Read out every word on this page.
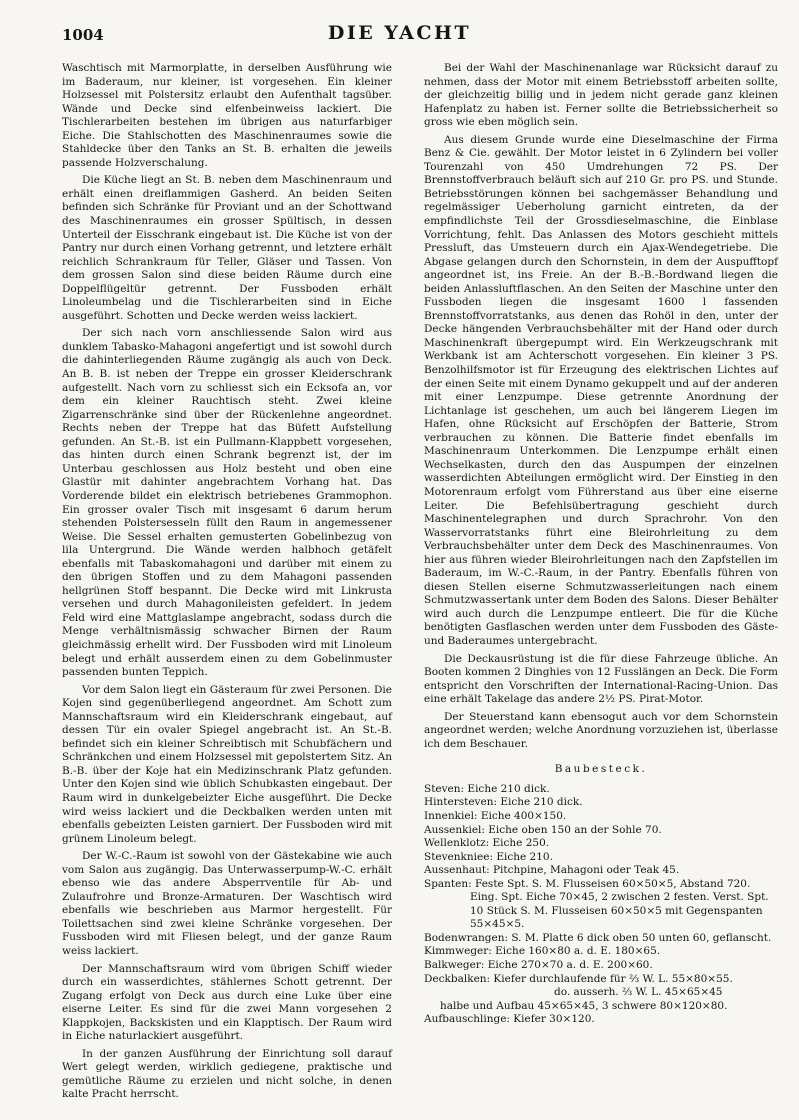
1004	DIE YACHT

Waschtisch mit Marmorplatte, in derselben Ausführung wie im Baderaum, nur kleiner, ist vorgesehen. Ein kleiner Holzsessel mit Polstersitz erlaubt den Aufenthalt tagsüber. Wände und Decke sind elfenbeinweiss lackiert. Die Tischlerarbeiten bestehen im übrigen aus naturfarbiger Eiche. Die Stahlschotten des Maschinenraumes sowie die Stahldecke über den Tanks an St. B. erhalten die jeweils passende Holzverschalung.

Die Küche liegt an St. B. neben dem Maschinenraum und erhält einen dreiflammigen Gasherd. An beiden Seiten befinden sich Schränke für Proviant und an der Schottwand des Maschinenraumes ein grosser Spültisch, in dessen Unterteil der Eisschrank eingebaut ist. Die Küche ist von der Pantry nur durch einen Vorhang getrennt, und letztere erhält reichlich Schrankraum für Teller, Gläser und Tassen. Von dem grossen Salon sind diese beiden Räume durch eine Doppelflügeltür getrennt. Der Fussboden erhält Linoleumbelag und die Tischlerarbeiten sind in Eiche ausgeführt. Schotten und Decke werden weiss lackiert.

Der sich nach vorn anschliessende Salon wird aus dunklem Tabasko-Mahagoni angefertigt und ist sowohl durch die dahinterliegenden Räume zugängig als auch von Deck. An B. B. ist neben der Treppe ein grosser Kleiderschrank aufgestellt. Nach vorn zu schliesst sich ein Ecksofa an, vor dem ein kleiner Rauchtisch steht. Zwei kleine Zigarrenschränke sind über der Rückenlehne angeordnet. Rechts neben der Treppe hat das Büfett Aufstellung gefunden. An St.-B. ist ein Pullmann-Klappbett vorgesehen, das hinten durch einen Schrank begrenzt ist, der im Unterbau geschlossen aus Holz besteht und oben eine Glastür mit dahinter angebrachtem Vorhang hat. Das Vorderende bildet ein elektrisch betriebenes Grammophon. Ein grosser ovaler Tisch mit insgesamt 6 darum herum stehenden Polstersesseln füllt den Raum in angemessener Weise. Die Sessel erhalten gemusterten Gobelinbezug von lila Untergrund. Die Wände werden halbhoch getäfelt ebenfalls mit Tabaskomahagoni und darüber mit einem zu den übrigen Stoffen und zu dem Mahagoni passenden hellgrünen Stoff bespannt. Die Decke wird mit Linkrusta versehen und durch Mahagonileisten gefeldert. In jedem Feld wird eine Mattglaslampe angebracht, sodass durch die Menge verhältnismässig schwacher Birnen der Raum gleichmässig erhellt wird. Der Fussboden wird mit Linoleum belegt und erhält ausserdem einen zu dem Gobelinmuster passenden bunten Teppich.

Vor dem Salon liegt ein Gästeraum für zwei Personen. Die Kojen sind gegenüberliegend angeordnet. Am Schott zum Mannschaftsraum wird ein Kleiderschrank eingebaut, auf dessen Tür ein ovaler Spiegel angebracht ist. An St.-B. befindet sich ein kleiner Schreibtisch mit Schubfächern und Schränkchen und einem Holzsessel mit gepolstertem Sitz. An B.-B. über der Koje hat ein Medizinschrank Platz gefunden. Unter den Kojen sind wie üblich Schubkasten eingebaut. Der Raum wird in dunkelgebeizter Eiche ausgeführt. Die Decke wird weiss lackiert und die Deckbalken werden unten mit ebenfalls gebeizten Leisten garniert. Der Fussboden wird mit grünem Linoleum belegt.

Der W.-C.-Raum ist sowohl von der Gästekabine wie auch vom Salon aus zugängig. Das Unterwasserpump-W.-C. erhält ebenso wie das andere Absperrventile für Ab- und Zulaufrohre und Bronze-Armaturen. Der Waschtisch wird ebenfalls wie beschrieben aus Marmor hergestellt. Für Toilettsachen sind zwei kleine Schränke vorgesehen. Der Fussboden wird mit Fliesen belegt, und der ganze Raum weiss lackiert.

Der Mannschaftsraum wird vom übrigen Schiff wieder durch ein wasserdichtes, stählernes Schott getrennt. Der Zugang erfolgt von Deck aus durch eine Luke über eine eiserne Leiter. Es sind für die zwei Mann vorgesehen 2 Klappkojen, Backskisten und ein Klapptisch. Der Raum wird in Eiche naturlackiert ausgeführt.

In der ganzen Ausführung der Einrichtung soll darauf Wert gelegt werden, wirklich gediegene, praktische und gemütliche Räume zu erzielen und nicht solche, in denen kalte Pracht herrscht.

Bei der Wahl der Maschinenanlage war Rücksicht darauf zu nehmen, dass der Motor mit einem Betriebsstoff arbeiten sollte, der gleichzeitig billig und in jedem nicht gerade ganz kleinen Hafenplatz zu haben ist. Ferner sollte die Betriebssicherheit so gross wie eben möglich sein.

Aus diesem Grunde wurde eine Dieselmaschine der Firma Benz & Cie. gewählt. Der Motor leistet in 6 Zylindern bei voller Tourenzahl von 450 Umdrehungen 72 PS. Der Brennstoffverbrauch beläuft sich auf 210 Gr. pro PS. und Stunde. Betriebsstörungen können bei sachgemässer Behandlung und regelmässiger Ueberholung garnicht eintreten, da der empfindlichste Teil der Grossdieselmaschine, die Einblase Vorrichtung, fehlt. Das Anlassen des Motors geschieht mittels Pressluft, das Umsteuern durch ein Ajax-Wendegetriebe. Die Abgase gelangen durch den Schornstein, in dem der Auspufftopf angeordnet ist, ins Freie. An der B.-B.-Bordwand liegen die beiden Anlassluftflaschen. An den Seiten der Maschine unter den Fussboden liegen die insgesamt 1600 l fassenden Brennstoffvorratstanks, aus denen das Rohöl in den, unter der Decke hängenden Verbrauchsbehälter mit der Hand oder durch Maschinenkraft übergepumpt wird. Ein Werkzeugschrank mit Werkbank ist am Achterschott vorgesehen. Ein kleiner 3 PS. Benzolhilfsmotor ist für Erzeugung des elektrischen Lichtes auf der einen Seite mit einem Dynamo gekuppelt und auf der anderen mit einer Lenzpumpe. Diese getrennte Anordnung der Lichtanlage ist geschehen, um auch bei längerem Liegen im Hafen, ohne Rücksicht auf Erschöpfen der Batterie, Strom verbrauchen zu können. Die Batterie findet ebenfalls im Maschinenraum Unterkommen. Die Lenzpumpe erhält einen Wechselkasten, durch den das Auspumpen der einzelnen wasserdichten Abteilungen ermöglicht wird. Der Einstieg in den Motorenraum erfolgt vom Führerstand aus über eine eiserne Leiter. Die Befehlsübertragung geschieht durch Maschinentelegraphen und durch Sprachrohr. Von den Wasservorratstanks führt eine Bleirohrleitung zu dem Verbrauchsbehälter unter dem Deck des Maschinenraumes. Von hier aus führen wieder Bleirohrleitungen nach den Zapfstellen im Baderaum, im W.-C.-Raum, in der Pantry. Ebenfalls führen von diesen Stellen eiserne Schmutzwasserleitungen nach einem Schmutzwassertank unter dem Boden des Salons. Dieser Behälter wird auch durch die Lenzpumpe entleert. Die für die Küche benötigten Gasflaschen werden unter dem Fussboden des Gäste- und Baderaumes untergebracht.

Die Deckausrüstung ist die für diese Fahrzeuge übliche. An Booten kommen 2 Dinghies von 12 Fusslängen an Deck. Die Form entspricht den Vorschriften der International-Racing-Union. Das eine erhält Takelage das andere 2½ PS. Pirat-Motor.

Der Steuerstand kann ebensogut auch vor dem Schornstein angeordnet werden; welche Anordnung vorzuziehen ist, überlasse ich dem Beschauer.

Baubesteck.
Steven: Eiche 210 dick.
Hintersteven: Eiche 210 dick.
Innenkiel: Eiche 400×150.
Aussenkiel: Eiche oben 150 an der Sohle 70.
Wellenklotz: Eiche 250.
Stevenkniee: Eiche 210.
Aussenhaut: Pitchpine, Mahagoni oder Teak 45.
Spanten: Feste Spt. S. M. Flusseisen 60×50×5, Abstand 720.
Eing. Spt. Eiche 70×45, 2 zwischen 2 festen. Verst. Spt.
10 Stück S. M. Flusseisen 60×50×5 mit Gegenspanten
55×45×5.
Bodenwrangen: S. M. Platte 6 dick oben 50 unten 60, geflanscht.
Kimmweger: Eiche 160×80 a. d. E. 180×65.
Balkweger: Eiche 270×70 a. d. E. 200×60.
Deckbalken: Kiefer durchlaufende für ⅔ W. L. 55×80×55.
do. ausserh. ⅔ W. L. 45×65×45
halbe und Aufbau 45×65×45, 3 schwere 80×120×80.
Aufbauschlinge: Kiefer 30×120.
